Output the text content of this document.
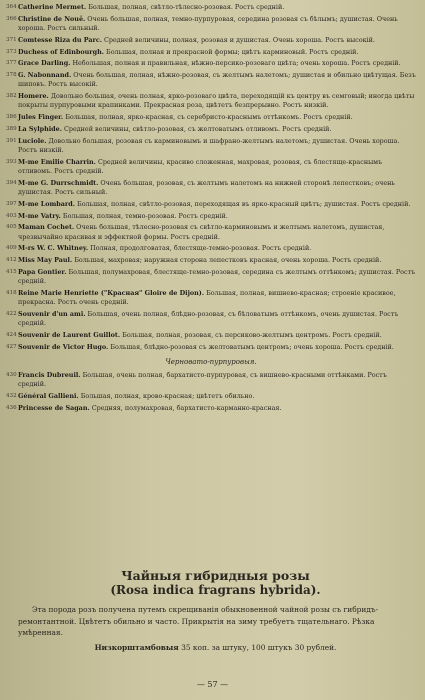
364 Catherine Mermet. Большая, полная, свѣтло-тѣлесно-розовая. Ростъ средній.
366 Christine de Nouë. Очень большая, полная, темно-пурпуровая, середина розовая съ бѣлымъ; душистая. Очень хороша. Ростъ сильный.
371 Comtesse Riza du Parc. Средней величины, полная, розовая и душистая. Очень хороша. Ростъ высокій.
373 Duchess of Edinbourgh. Большая, полная и прекрасной формы; цвѣтъ карминовый. Ростъ средній.
377 Grace Darling. Небольшая, полная и правильная, нѣжно-персико-розоваго цвѣта; очень хороша. Ростъ средній.
378 G. Nabonnand. Очень большая, полная, нѣжно-розовая, съ желтымъ налетомъ; душистая и обильно цвѣтущая. Безъ шиповъ. Ростъ высокій.
382 Homere. Довольно большая, очень полная, ярко-розоваго цвѣта, переходящій къ центру въ семговый; иногда цвѣты покрыты пурпуровыми крапинками. Прекрасная роза, цвѣтетъ безпрерывно. Ростъ низкій.
386 Jules Finger. Большая, полная, ярко-красная, съ серебристо-краснымъ оттѣнкомъ. Ростъ средній.
389 La Sylphide. Средней величины, свѣтло-розовая, съ желтоватымъ отливомъ. Ростъ средній.
391 Luciole. Довольно большая, розовая съ карминовымъ и шафрано-желтымъ налетомъ; душистая. Очень хороша. Ростъ низкій.
393 M-me Emilie Charrin. Средней величины, красиво сложенная, махровая, розовая, съ блестяще-краснымъ отливомъ. Ростъ средній.
394 M-me G. Durrschmidt. Очень большая, розовая, съ желтымъ налетомъ на нижней сторонѣ лепестковъ; очень душистая. Ростъ сильный.
397 M-me Lombard. Большая, полная, свѣтло-розовая, переходящая въ ярко-красный цвѣтъ; душистая. Ростъ средній.
403 M-me Vatry. Большая, полная, темно-розовая. Ростъ средній.
405 Maman Cochet. Очень большая, тѣлесно-розовая съ свѣтло-карминовымъ и желтымъ налетомъ, душистая, чрезвычайно красивая и эффектной формы. Ростъ средній.
409 M-rs W. C. Whitney. Полная, продолговатая, блестяще-темно-розовая. Ростъ средній.
412 Miss May Paul. Большая, махровая; наружная сторона лепестковъ красная, очень хороша. Ростъ средній.
415 Papa Gontier. Большая, полумахровая, блестяще-темно-розовая, середина съ желтымъ оттѣнкомъ; душистая. Ростъ средній.
418 Reine Marie Henriette ("Красная" Gloire de Dijon). Большая, полная, вишнево-красная; строеніе красивое, прекрасна. Ростъ очень средній.
422 Souvenir d'un ami. Большая, очень полная, блѣдно-розовая, съ бѣловатымъ оттѣнкомъ, очень душистая. Ростъ средній.
424 Souvenir de Laurent Guillot. Большая, полная, розовая, съ персиково-желтымъ центромъ. Ростъ средній.
427 Souvenir de Victor Hugo. Большая, блѣдно-розовая съ желтоватымъ центромъ; очень хороша. Ростъ средній.
Черновато-пурпуровыя.
430 Francis Dubreuil. Большая, очень полная, бархатисто-пурпуровая, съ вишнево-красными оттѣнками. Ростъ средній.
432 Général Gallieni. Большая, полная, крово-красная; цвѣтетъ обильно.
436 Princesse de Sagan. Средняя, полумахровая, бархатисто-карманно-красная.
Чайныя гибридныя розы
(Rosa indica fragrans hybrida).

Эта порода розъ получена путемъ скрещиванія обыкновенной чайной розы съ гибридъ-ремонтантной. Цвѣтетъ обильно и часто. Прикрытія на зиму требуетъ тщательнаго. Рѣзка умѣренная.

Низкорштамбовыя 35 коп. за штуку, 100 штукъ 30 рублей.
— 57 —
